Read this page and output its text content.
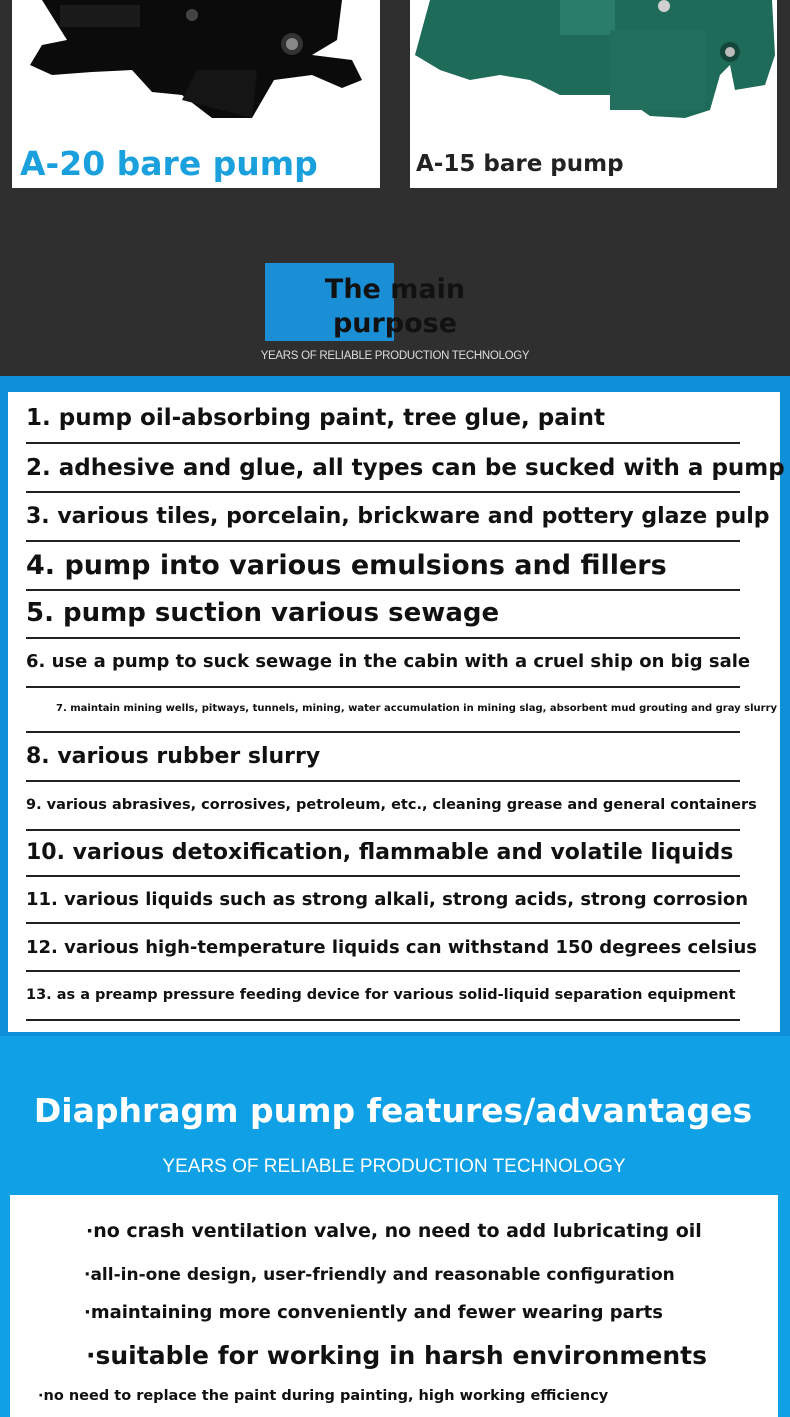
A-20 bare pump	A-15 bare pump
The main purpose
YEARS OF RELIABLE PRODUCTION TECHNOLOGY
1. pump oil-absorbing paint, tree glue, paint
2. adhesive and glue, all types can be sucked with a pump
3. various tiles, porcelain, brickware and pottery glaze pulp
4. pump into various emulsions and fillers
5. pump suction various sewage
6. use a pump to suck sewage in the cabin with a cruel ship on big sale
7. maintain mining wells, pitways, tunnels, mining, water accumulation in mining slag, absorbent mud grouting and gray slurry
8. various rubber slurry
9. various abrasives, corrosives, petroleum, etc., cleaning grease and general containers
10. various detoxification, flammable and volatile liquids
11. various liquids such as strong alkali, strong acids, strong corrosion
12. various high-temperature liquids can withstand 150 degrees celsius
13. as a preamp pressure feeding device for various solid-liquid separation equipment
Diaphragm pump features/advantages
YEARS OF RELIABLE PRODUCTION TECHNOLOGY
·no crash ventilation valve, no need to add lubricating oil
·all-in-one design, user-friendly and reasonable configuration
·maintaining more conveniently and fewer wearing parts
·suitable for working in harsh environments
·no need to replace the paint during painting, high working efficiency
